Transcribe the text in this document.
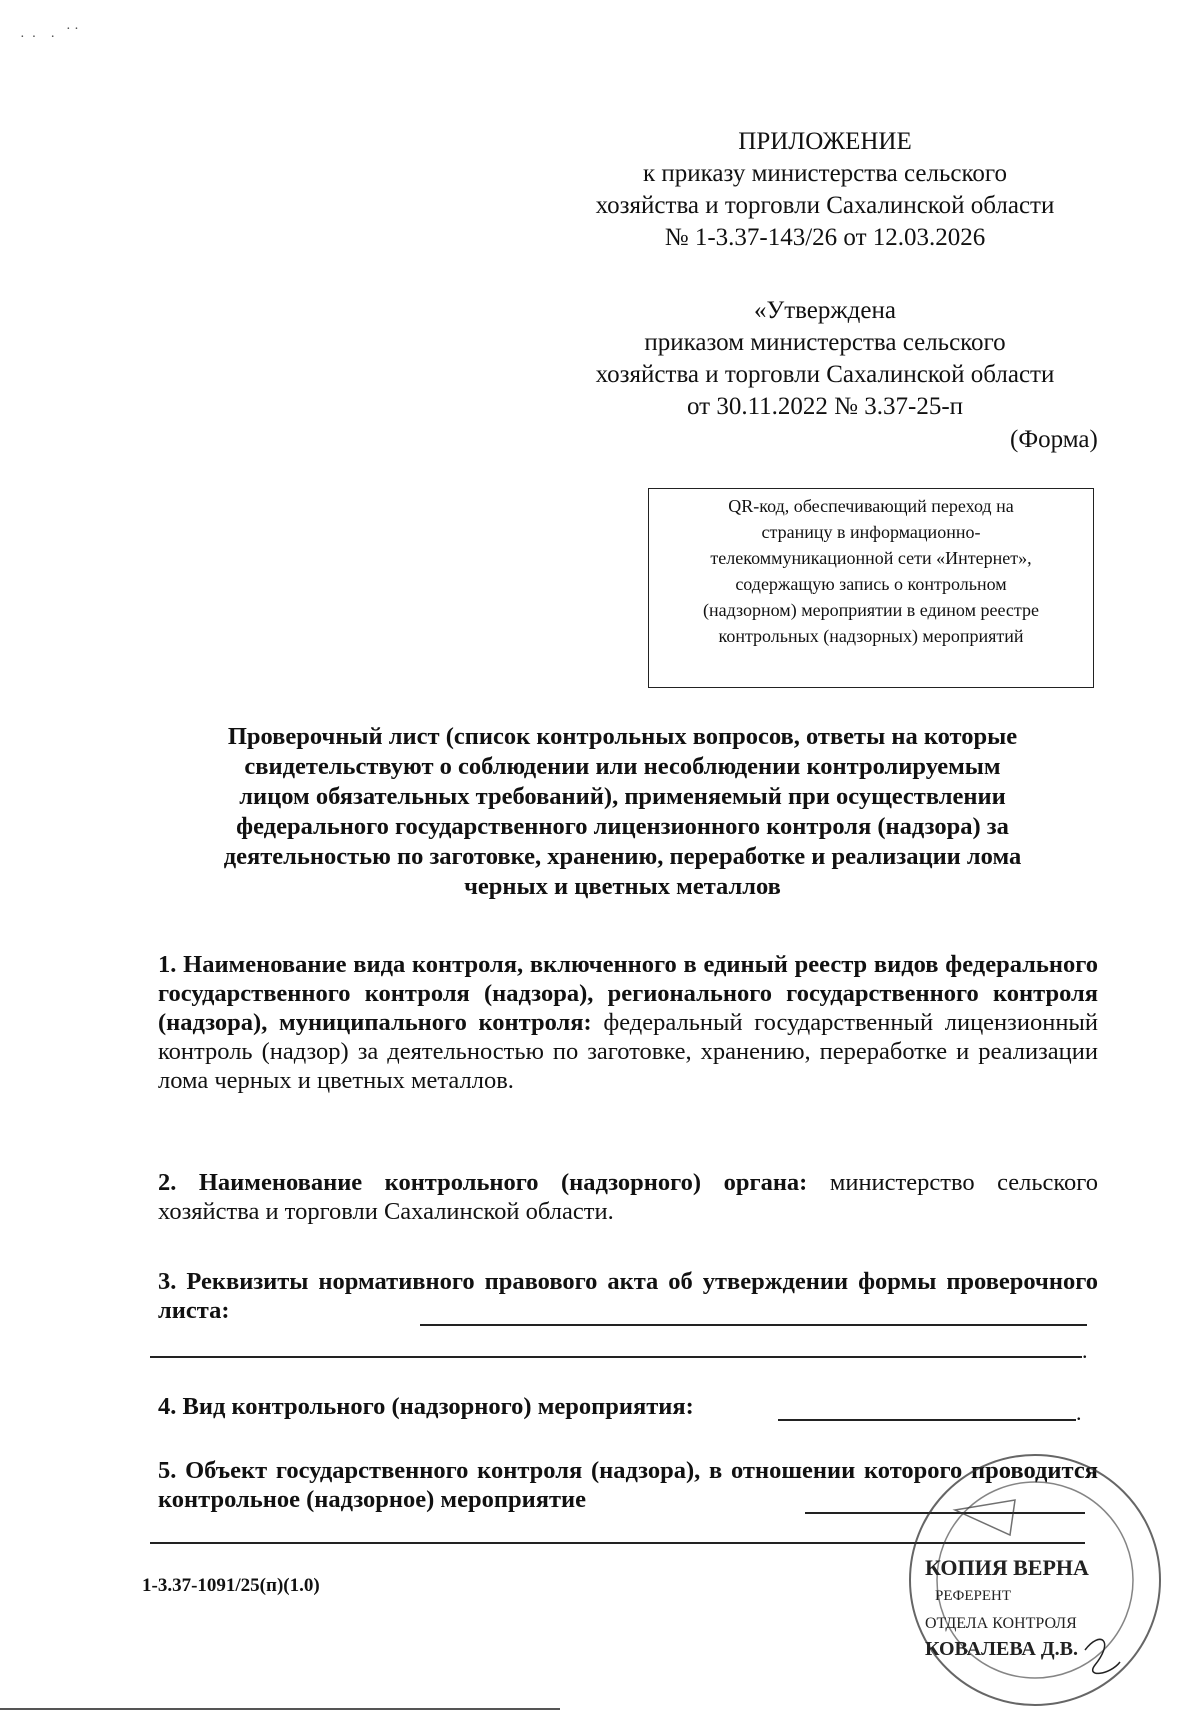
·  ·    ·
· ·
ПРИЛОЖЕНИЕ
к приказу министерства сельского
хозяйства и торговли Сахалинской области
№ 1-3.37-143/26 от 12.03.2026
«Утверждена
приказом министерства сельского
хозяйства и торговли Сахалинской области
от 30.11.2022 № 3.37-25-п
(Форма)
QR-код, обеспечивающий переход на
страницу в информационно-
телекоммуникационной сети «Интернет»,
содержащую запись о контрольном
(надзорном) мероприятии в едином реестре
контрольных (надзорных) мероприятий
Проверочный лист (список контрольных вопросов, ответы на которые
свидетельствуют о соблюдении или несоблюдении контролируемым
лицом обязательных требований), применяемый при осуществлении
федерального государственного лицензионного контроля (надзора) за
деятельностью по заготовке, хранению, переработке и реализации лома
черных и цветных металлов
1. Наименование вида контроля, включенного в единый реестр видов федерального государственного контроля (надзора), регионального государственного контроля (надзора), муниципального контроля: федеральный государственный лицензионный контроль (надзор) за деятельностью по заготовке, хранению, переработке и реализации лома черных и цветных металлов.
2. Наименование контрольного (надзорного) органа: министерство сельского хозяйства и торговли Сахалинской области.
3. Реквизиты нормативного правового акта об утверждении формы проверочного листа:
.
4. Вид контрольного (надзорного) мероприятия:	.
5. Объект государственного контроля (надзора), в отношении которого проводится контрольное (надзорное) мероприятие
1-3.37-1091/25(п)(1.0)
КОПИЯ ВЕРНА
РЕФЕРЕНТ
ОТДЕЛА КОНТРОЛЯ
КОВАЛЕВА Д.В.
